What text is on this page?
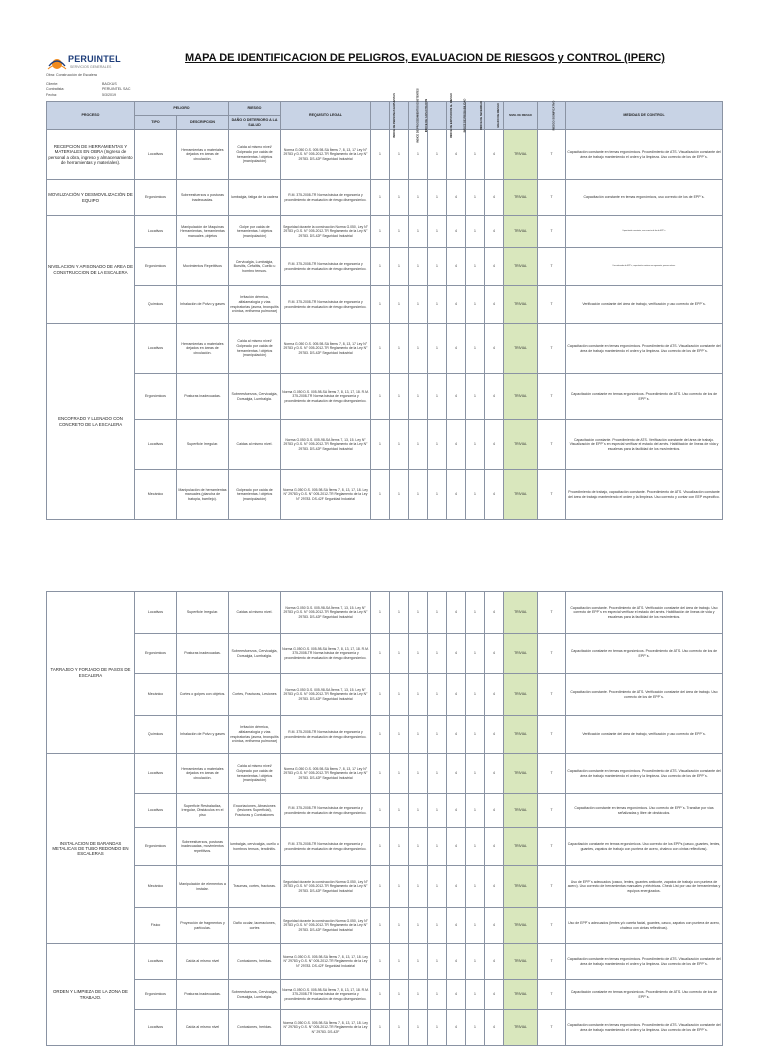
PERUINTEL
SERVICIOS GENERALES
MAPA DE IDENTIFICACION DE PELIGROS, EVALUACION DE RIESGOS y CONTROL (IPERC)
Obra: Construcción de Escalera
Cliente:	BACKUS
Contratista:	PERUINTEL SAC
Fecha:	5/3/2019
PROCESO	PELIGRO		RIESGO	REQUISITO LEGAL	INDICE DE PERSONAS EXPUESTAS	INDICE DE PROCEDIMIENTOS EXISTENTES	INDICE DE CAPACITACION	INDICE DE EXPOSICION AL RIESGO	INDICE DE PROBABILIDAD	INDICE DE SEVERIDAD	GRADO DE RIESGO	NIVEL DE RIESGO	RIESGO SIGNIFICATIVO	MEDIDAS DE CONTROL
	TIPO	DESCRIPCION	DAÑO O DETERIORO A LA SALUD											
RECEPCION DE HERRAMIENTAS Y MATERIALES EN OBRA (Ingreso de personal a obra, ingreso y almacenamiento de herramientas y materiales).	Locativos	Herramientas o materiales dejados en áreas de circulación.	Caida al mismo nivel/ Golpeado por caida de herramientas / objetos (manipulación)	Norma G.050 D.S. 005-98-SA Ítems 7, 8, 13, 17 Ley N° 29783 y D.S. N° 005-2012-TR Reglamento de la Ley N° 29783. DS-42F Seguridad Industrial	1	1	1	1	4	1	4	TRIVIAL	T	Capacitación constante en temas ergonómicos. Procedimiento de ATS. Visualización constante del área de trabajo manteniendo el orden y la limpieza. Uso correcto de los de EPP´s.
MOVILIZACIÓN Y DESMOVILIZACIÓN DE EQUIPO	Ergonómicos	Sobreesfuerzos o posturas inadecuadas.	lumbalgia, fatiga de la cadera	R.M. 375-2008-TR Norma básica de ergonomía y procedimiento de evaluación de riesgo disergonómico.	1	1	1	1	4	1	4	TRIVIAL	T	Capacitación constante en temas ergonómicos, uso correcto de los de EPP´s.
NIVELACION Y APISONADO DE AREA DE CONSTRUCCION DE LA ESCALERA	Locativos	Manipulación de Maquinas Herramientas, herramientas manuales ,objetos	Golpe por caida de herramientas / objetos (manipulación)	Seguridad durante la construcción Norma G.050, Ley N° 29783 y D.S. N° 005-2012-TR Reglamento de la Ley N° 29783. DS-42F Seguridad Industrial	1	1	1	1	4	1	4	TRIVIAL	T	Capacitación constante, uso correcto de los de EPP´s.
	Ergonómicos	Movimientos Repetitivos	Cervicalgia, Lumbalgia, Bursitis, Cefalitis, Cuello u hombro tensos.	R.M. 375-2008-TR Norma básica de ergonomía y procedimiento de evaluación de riesgo disergonómico.	1	1	1	1	4	1	4	TRIVIAL	T	Uso adecuado de EPP´s, capacitación continua en ergonomía, pausas activas.
	Químicos	Inhalación de Polvo y gases	Irritación dérmica, alfalamalogía y vías respiratorias (asma, bronquitis crónica, enfisema pulmonar)	R.M. 375-2008-TR Norma básica de ergonomía y procedimiento de evaluación de riesgo disergonómico.	1	1	1	1	4	1	4	TRIVIAL	T	Verificación constante del área de trabajo, verificación y uso correcto de EPP´s.
ENCOFRADO Y LLENADO CON CONCRETO DE LA ESCALERA	Locativos	Herramientas o materiales dejados en áreas de circulación.	Caida al mismo nivel/ Golpeado por caida de herramientas / objetos (manipulación)	Norma G.050 D.S. 005-98-SA Ítems 7, 8, 13, 17 Ley N° 29783 y D.S. N° 005-2012-TR Reglamento de la Ley N° 29783. DS-42F Seguridad Industrial	1	1	1	1	4	1	4	TRIVIAL	T	Capacitación constante en temas ergonómicos. Procedimiento de ATS. Visualización constante del área de trabajo manteniendo el orden y la limpieza. Uso correcto de los de EPP´s.
	Ergonómicos	Posturas inadecuadas.	Sobreesfuerzos, Cervicalgia, Dorsalgia, Lumbalgia.	Norma G.050 D.S. 005-98-SA Ítems 7, 8, 13, 17, 18. R.M. 375-2008-TR Norma básica de ergonomía y procedimiento de evaluación de riesgo disergonómico.	1	1	1	1	4	1	4	TRIVIAL	T	Capacitación constante en temas ergonómicos. Procedimiento de ATS. Uso correcto de los de EPP´s.
	Locativos	Superficie Irregular.	Caidas al mismo nivel.	Norma G.050 D.S. 005-98-SA Ítems 7, 13, 15. Ley N° 29783 y D.S. N° 005-2012-TR Reglamento de la Ley N° 29783. DS-42F Seguridad Industrial	1	1	1	1	4	1	4	TRIVIAL	T	Capacitación constante. Procedimiento de ATS. Verificación constante del área de trabajo. Visualización de EPP´s en especial verificar el estado del arnés. Habilitación de líneas de vida y escaleras para la facilidad de los movimientos.
	Mecánico	Manipulación de herramientas manuales (plancha de batopia, barrilejo).	Golpeado por caída de herramientas / objetos (manipulación)	Norma G.050 D.S. 005-98-SA Ítems 7, 8, 13, 17, 18. Ley N° 29783 y D.S. N° 005-2012-TR Reglamento de la Ley N° 29783. DS-42F Seguridad Industrial	1	1	1	1	4	1	4	TRIVIAL	T	Procedimiento de trabajo, capacitación constante. Procedimiento de ATS. Visualización constante del área de trabajo manteniendo el orden y la limpieza. Uso correcto y contar con EEP específico.
TARRAJEO Y FORJADO DE PASOS DE ESCALERA	Locativos	Superficie Irregular.	Caidas al mismo nivel.	Norma G.050 D.S. 005-98-SA Ítems 7, 13, 15. Ley N° 29783 y D.S. N° 005-2012-TR Reglamento de la Ley N° 29783. DS-42F Seguridad Industrial	1	1	1	1	4	1	4	TRIVIAL	T	Capacitación constante. Procedimiento de ATS. Verificación constante del área de trabajo. Uso correcto de EPP´s en especial verificar el estado del arnés. Habilitación de líneas de vida y escaleras para la facilidad de los movimientos.
	Ergonómicos	Posturas inadecuadas.	Sobreesfuerzos, Cervicalgia, Dorsalgia, Lumbalgia.	Norma G.050 D.S. 005-98-SA Ítems 7, 8, 13, 17, 18. R.M. 375-2008-TR Norma básica de ergonomía y procedimiento de evaluación de riesgo disergonómico.	1	1	1	1	4	1	4	TRIVIAL	T	Capacitación constante en temas ergonómicos. Procedimiento de ATS. Uso correcto de los de EPP´s.
	Mecánico	Cortes o golpes con objetos.	Cortes, Fracturas, Lesiones	Norma G.050 D.S. 005-98-SA Ítems 7, 13, 15. Ley N° 29783 y D.S. N° 005-2012-TR Reglamento de la Ley N° 29783. DS-42F Seguridad Industrial	1	1	1	1	4	1	4	TRIVIAL	T	Capacitación constante. Procedimiento de ATS. Verificación constante del área de trabajo. Uso correcto de los de EPP´s.
	Químicos	Inhalación de Polvo y gases	Irritación dérmica, alfalamalogía y vías respiratorias (asma, bronquitis crónica, enfisema pulmonar)	R.M. 375-2008-TR Norma básica de ergonomía y procedimiento de evaluación de riesgo disergonómico.	1	1	1	1	4	1	4	TRIVIAL	T	Verificación constante del área de trabajo, verificación y uso correcto de EPP´s.
INSTALACION DE BARANDAS METALICAS DE TUBO REDONDO EN ESCALERAS	Locativos	Herramientas o materiales dejados en áreas de circulación.	Caida al mismo nivel/ Golpeado por caida de herramientas / objetos (manipulación)	Norma G.050 D.S. 005-98-SA Ítems 7, 8, 13, 17 Ley N° 29783 y D.S. N° 005-2012-TR Reglamento de la Ley N° 29783. DS-42F Seguridad Industrial	1	1	1	1	4	1	4	TRIVIAL	T	Capacitación constante en temas ergonómicos. Procedimiento de ATS. Visualización constante del área de trabajo manteniendo el orden y la limpieza. Uso correcto de los de EPP´s.
	Locativos	Superficie Resbaladiza, Irregular, Obstáculos en el piso	Excoriaciones, Abrasiones (lesiones Superficial), Fracturas y Contusiones	R.M. 375-2008-TR Norma básica de ergonomía y procedimiento de evaluación de riesgo disergonómico.	1	1	1	1	4	1	4	TRIVIAL	T	Capacitación constante en temas ergonómicos. Uso correcto de EPP´s. Transitar por vías señalizadas y libre de obstáculos.
	Ergonómicos	Sobreesfuerzos, posturas inadecuadas, movimientos repetitivos.	lumbalgia, cervicalgia, cuello u hombros tensos, tendinitis.	R.M. 375-2008-TR Norma básica de ergonomía y procedimiento de evaluación de riesgo disergonómico.	1	1	1	1	4	1	4	TRIVIAL	T	Capacitación constante en temas ergonómicos. Uso correcto de los EPPs (casco, guantes, lentes, guantes, zapatos de trabajo con puntera de acero, chaleco con cintas reflectivas).
	Mecánico	Manipulación de elementos a instalar.	Traumas, cortes, fracturas.	Seguridad durante la construcción Norma G.050, Ley N° 29783 y D.S. N° 005-2012-TR Reglamento de la Ley N° 29783. DS-42F Seguridad Industrial	1	1	1	1	4	1	4	TRIVIAL	T	Uso de EPP´s adecuados (casco, lentes, guantes anticorte, zapatos de trabajo con puntera de acero). Uso correcto de herramientas manuales y eléctricas. Check List por uso de herramientas y equipos energizados.
	Físico	Proyección de fragmentos y partículas.	Daño ocular, laceraciones, cortes	Seguridad durante la construcción Norma G.050, Ley N° 29783 y D.S. N° 005-2012-TR Reglamento de la Ley N° 29783. DS-42F Seguridad Industrial	1	1	1	1	4	1	4	TRIVIAL	T	Uso de EPP´s adecuados (lentes y/o careta facial, guantes, casco, zapatos con puntera de acero, chaleco con cintas reflectivas).
ORDEN Y LIMPIEZA DE LA ZONA DE TRABAJO.	Locativos	Caída al mismo nivel	Contusiones, heridas.	Norma G.050 D.S. 005-98-SA Ítems 7, 8, 13, 17, 18. Ley N° 29783 y D.S. N° 005-2012-TR Reglamento de la Ley N° 29783. DS-42F Seguridad Industrial	1	1	1	1	4	1	4	TRIVIAL	T	Capacitación constante en temas ergonómicos. Procedimiento de ATS. Visualización constante del área de trabajo manteniendo el orden y la limpieza. Uso correcto de los de EPP´s.
	Ergonómicos	Posturas inadecuadas.	Sobreesfuerzos, Cervicalgia, Dorsalgia, Lumbalgia.	Norma G.050 D.S. 005-98-SA Ítems 7, 8, 13, 17, 18. R.M. 375-2008-TR Norma básica de ergonomía y procedimiento de evaluación de riesgo disergonómico.	1	1	1	1	4	1	4	TRIVIAL	T	Capacitación constante en temas ergonómicos. Procedimiento de ATS. Uso correcto de los de EPP´s.
	Locativos	Caída al mismo nivel	Contusiones, heridas.	Norma G.050 D.S. 005-98-SA Ítems 7, 8, 13, 17, 18. Ley N° 29783 y D.S. N° 005-2012-TR Reglamento de la Ley N° 29783. DS-42F	1	1	1	1	4	1	4	TRIVIAL	T	Capacitación constante en temas ergonómicos. Procedimiento de ATS. Visualización constante del área de trabajo manteniendo el orden y la limpieza. Uso correcto de los de EPP´s.
